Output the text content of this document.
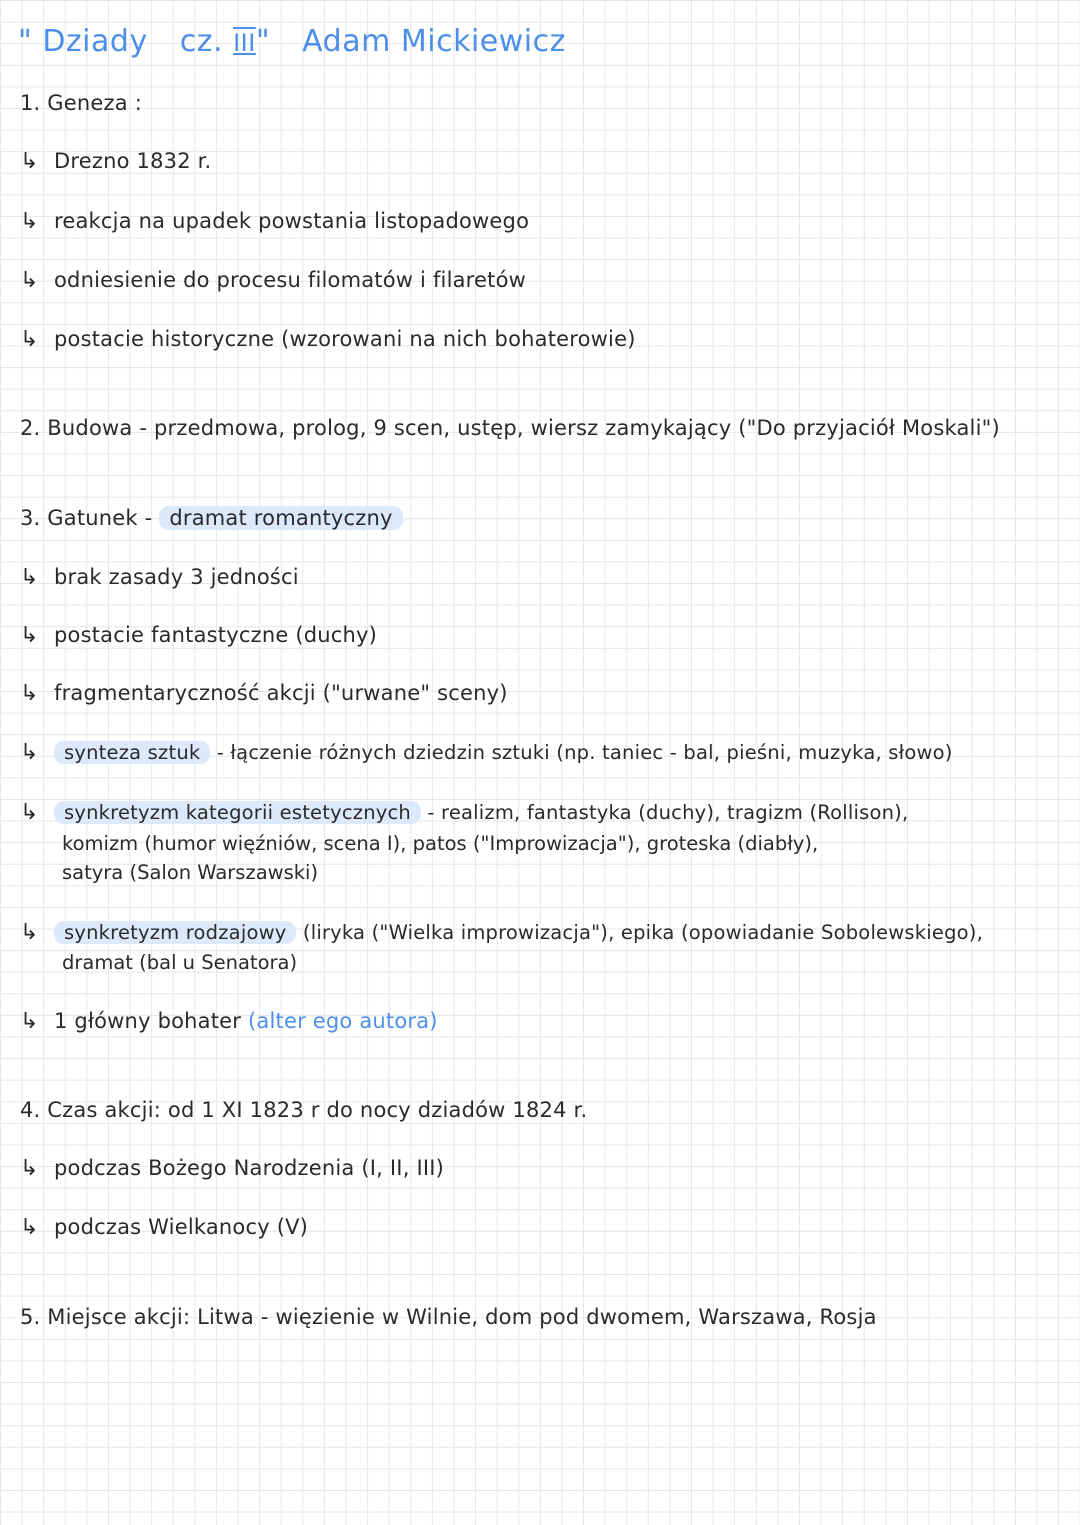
" Dziady cz. III" Adam Mickiewicz
1. Geneza :
↳ Drezno 1832 r.
↳ reakcja na upadek powstania listopadowego
↳ odniesienie do procesu filomatów i filaretów
↳ postacie historyczne (wzorowani na nich bohaterowie)
2. Budowa - przedmowa, prolog, 9 scen, ustęp, wiersz zamykający ("Do przyjaciół Moskali")
3. Gatunek - dramat romantyczny
↳ brak zasady 3 jedności
↳ postacie fantastyczne (duchy)
↳ fragmentaryczność akcji ("urwane" sceny)
↳ synteza sztuk - łączenie różnych dziedzin sztuki (np. taniec - bal, pieśni, muzyka, słowo)
↳ synkretyzm kategorii estetycznych - realizm, fantastyka (duchy), tragizm (Rollison),
komizm (humor więźniów, scena I), patos ("Improwizacja"), groteska (diabły),
satyra (Salon Warszawski)
↳ synkretyzm rodzajowy (liryka ("Wielka improwizacja"), epika (opowiadanie Sobolewskiego),
dramat (bal u Senatora)
↳ 1 główny bohater (alter ego autora)
4. Czas akcji: od 1 XI 1823 r do nocy dziadów 1824 r.
↳ podczas Bożego Narodzenia (I, II, III)
↳ podczas Wielkanocy (V)
5. Miejsce akcji: Litwa - więzienie w Wilnie, dom pod dwomem, Warszawa, Rosja
